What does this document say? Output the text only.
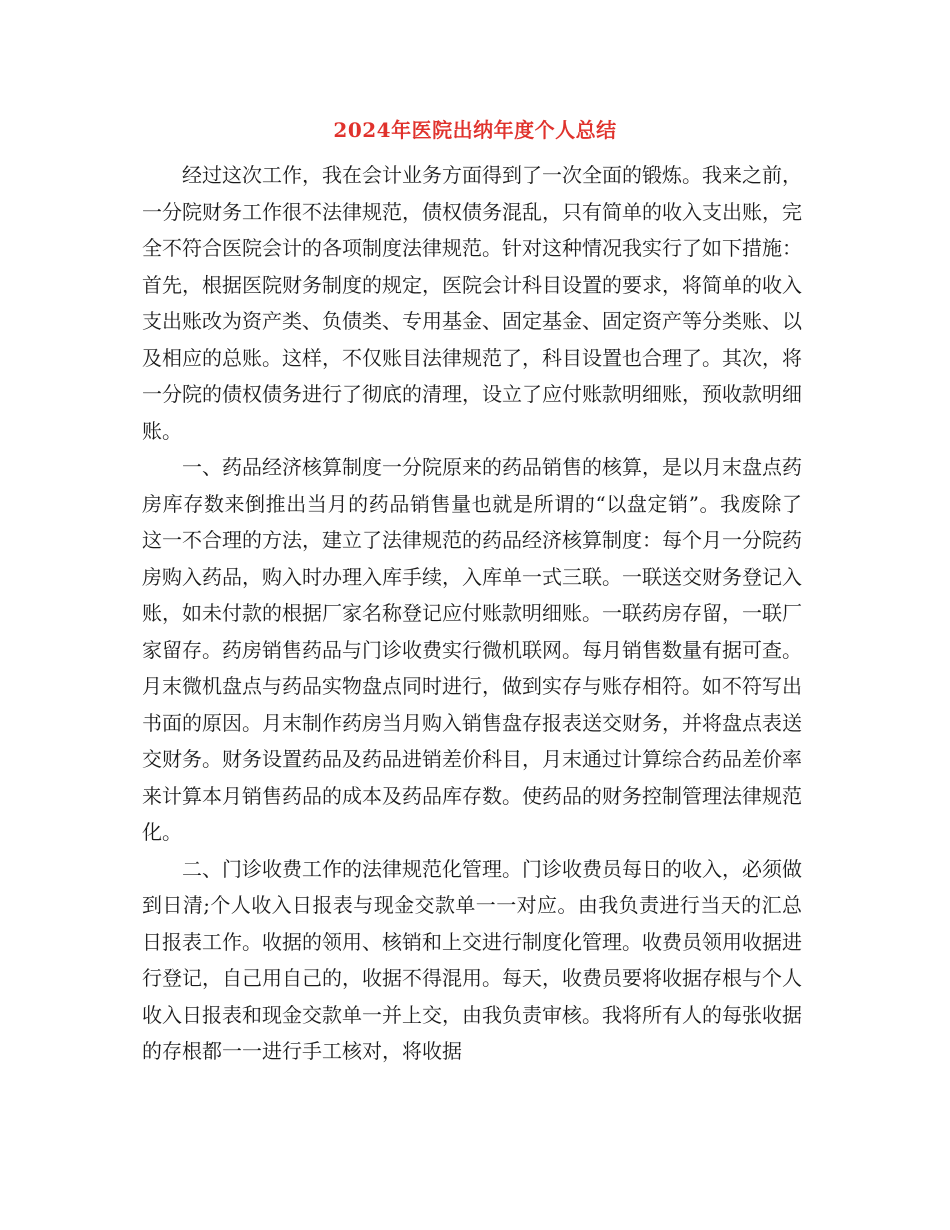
2024年医院出纳年度个人总结

经过这次工作，我在会计业务方面得到了一次全面的锻炼。我来之前，一分院财务工作很不法律规范，债权债务混乱，只有简单的收入支出账，完全不符合医院会计的各项制度法律规范。针对这种情况我实行了如下措施：首先，根据医院财务制度的规定，医院会计科目设置的要求，将简单的收入支出账改为资产类、负债类、专用基金、固定基金、固定资产等分类账、以及相应的总账。这样，不仅账目法律规范了，科目设置也合理了。其次，将一分院的债权债务进行了彻底的清理，设立了应付账款明细账，预收款明细账。

一、药品经济核算制度一分院原来的药品销售的核算，是以月末盘点药房库存数来倒推出当月的药品销售量也就是所谓的“以盘定销”。我废除了这一不合理的方法，建立了法律规范的药品经济核算制度：每个月一分院药房购入药品，购入时办理入库手续，入库单一式三联。一联送交财务登记入账，如未付款的根据厂家名称登记应付账款明细账。一联药房存留，一联厂家留存。药房销售药品与门诊收费实行微机联网。每月销售数量有据可查。月末微机盘点与药品实物盘点同时进行，做到实存与账存相符。如不符写出书面的原因。月末制作药房当月购入销售盘存报表送交财务，并将盘点表送交财务。财务设置药品及药品进销差价科目，月末通过计算综合药品差价率来计算本月销售药品的成本及药品库存数。使药品的财务控制管理法律规范化。

二、门诊收费工作的法律规范化管理。门诊收费员每日的收入，必须做到日清;个人收入日报表与现金交款单一一对应。由我负责进行当天的汇总日报表工作。收据的领用、核销和上交进行制度化管理。收费员领用收据进行登记，自己用自己的，收据不得混用。每天，收费员要将收据存根与个人收入日报表和现金交款单一并上交，由我负责审核。我将所有人的每张收据的存根都一一进行手工核对，将收据
